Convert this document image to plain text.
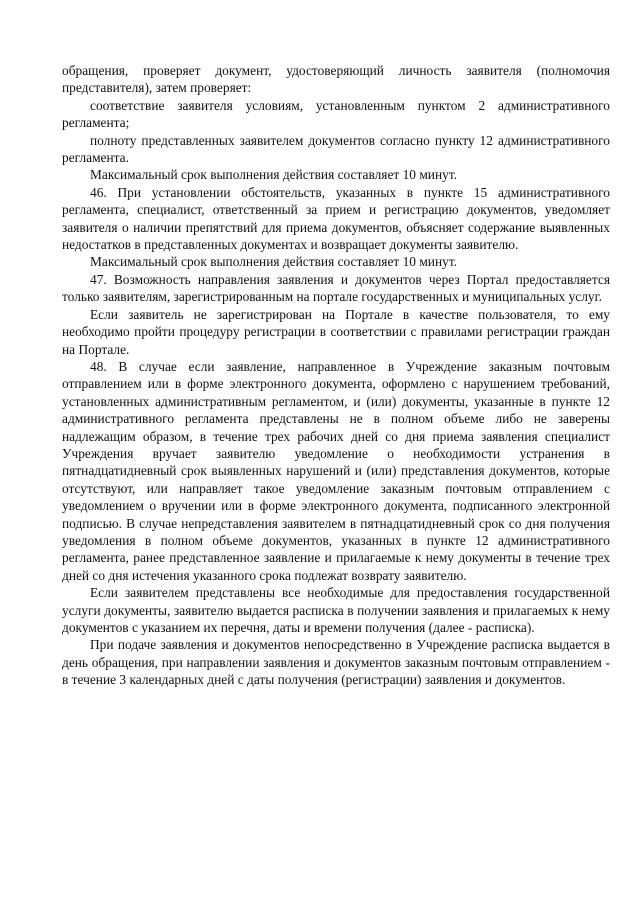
обращения, проверяет документ, удостоверяющий личность заявителя (полномочия представителя), затем проверяет:

соответствие заявителя условиям, установленным пунктом 2 административного регламента;

полноту представленных заявителем документов согласно пункту 12 административного регламента.

Максимальный срок выполнения действия составляет 10 минут.

46. При установлении обстоятельств, указанных в пункте 15 административного регламента, специалист, ответственный за прием и регистрацию документов, уведомляет заявителя о наличии препятствий для приема документов, объясняет содержание выявленных недостатков в представленных документах и возвращает документы заявителю.

Максимальный срок выполнения действия составляет 10 минут.

47. Возможность направления заявления и документов через Портал предоставляется только заявителям, зарегистрированным на портале государственных и муниципальных услуг.

Если заявитель не зарегистрирован на Портале в качестве пользователя, то ему необходимо пройти процедуру регистрации в соответствии с правилами регистрации граждан на Портале.

48. В случае если заявление, направленное в Учреждение заказным почтовым отправлением или в форме электронного документа, оформлено с нарушением требований, установленных административным регламентом, и (или) документы, указанные в пункте 12 административного регламента представлены не в полном объеме либо не заверены надлежащим образом, в течение трех рабочих дней со дня приема заявления специалист Учреждения вручает заявителю уведомление о необходимости устранения в пятнадцатидневный срок выявленных нарушений и (или) представления документов, которые отсутствуют, или направляет такое уведомление заказным почтовым отправлением с уведомлением о вручении или в форме электронного документа, подписанного электронной подписью. В случае непредставления заявителем в пятнадцатидневный срок со дня получения уведомления в полном объеме документов, указанных в пункте 12 административного регламента, ранее представленное заявление и прилагаемые к нему документы в течение трех дней со дня истечения указанного срока подлежат возврату заявителю.

Если заявителем представлены все необходимые для предоставления государственной услуги документы, заявителю выдается расписка в получении заявления и прилагаемых к нему документов с указанием их перечня, даты и времени получения (далее - расписка).

При подаче заявления и документов непосредственно в Учреждение расписка выдается в день обращения, при направлении заявления и документов заказным почтовым отправлением - в течение 3 календарных дней с даты получения (регистрации) заявления и документов.
